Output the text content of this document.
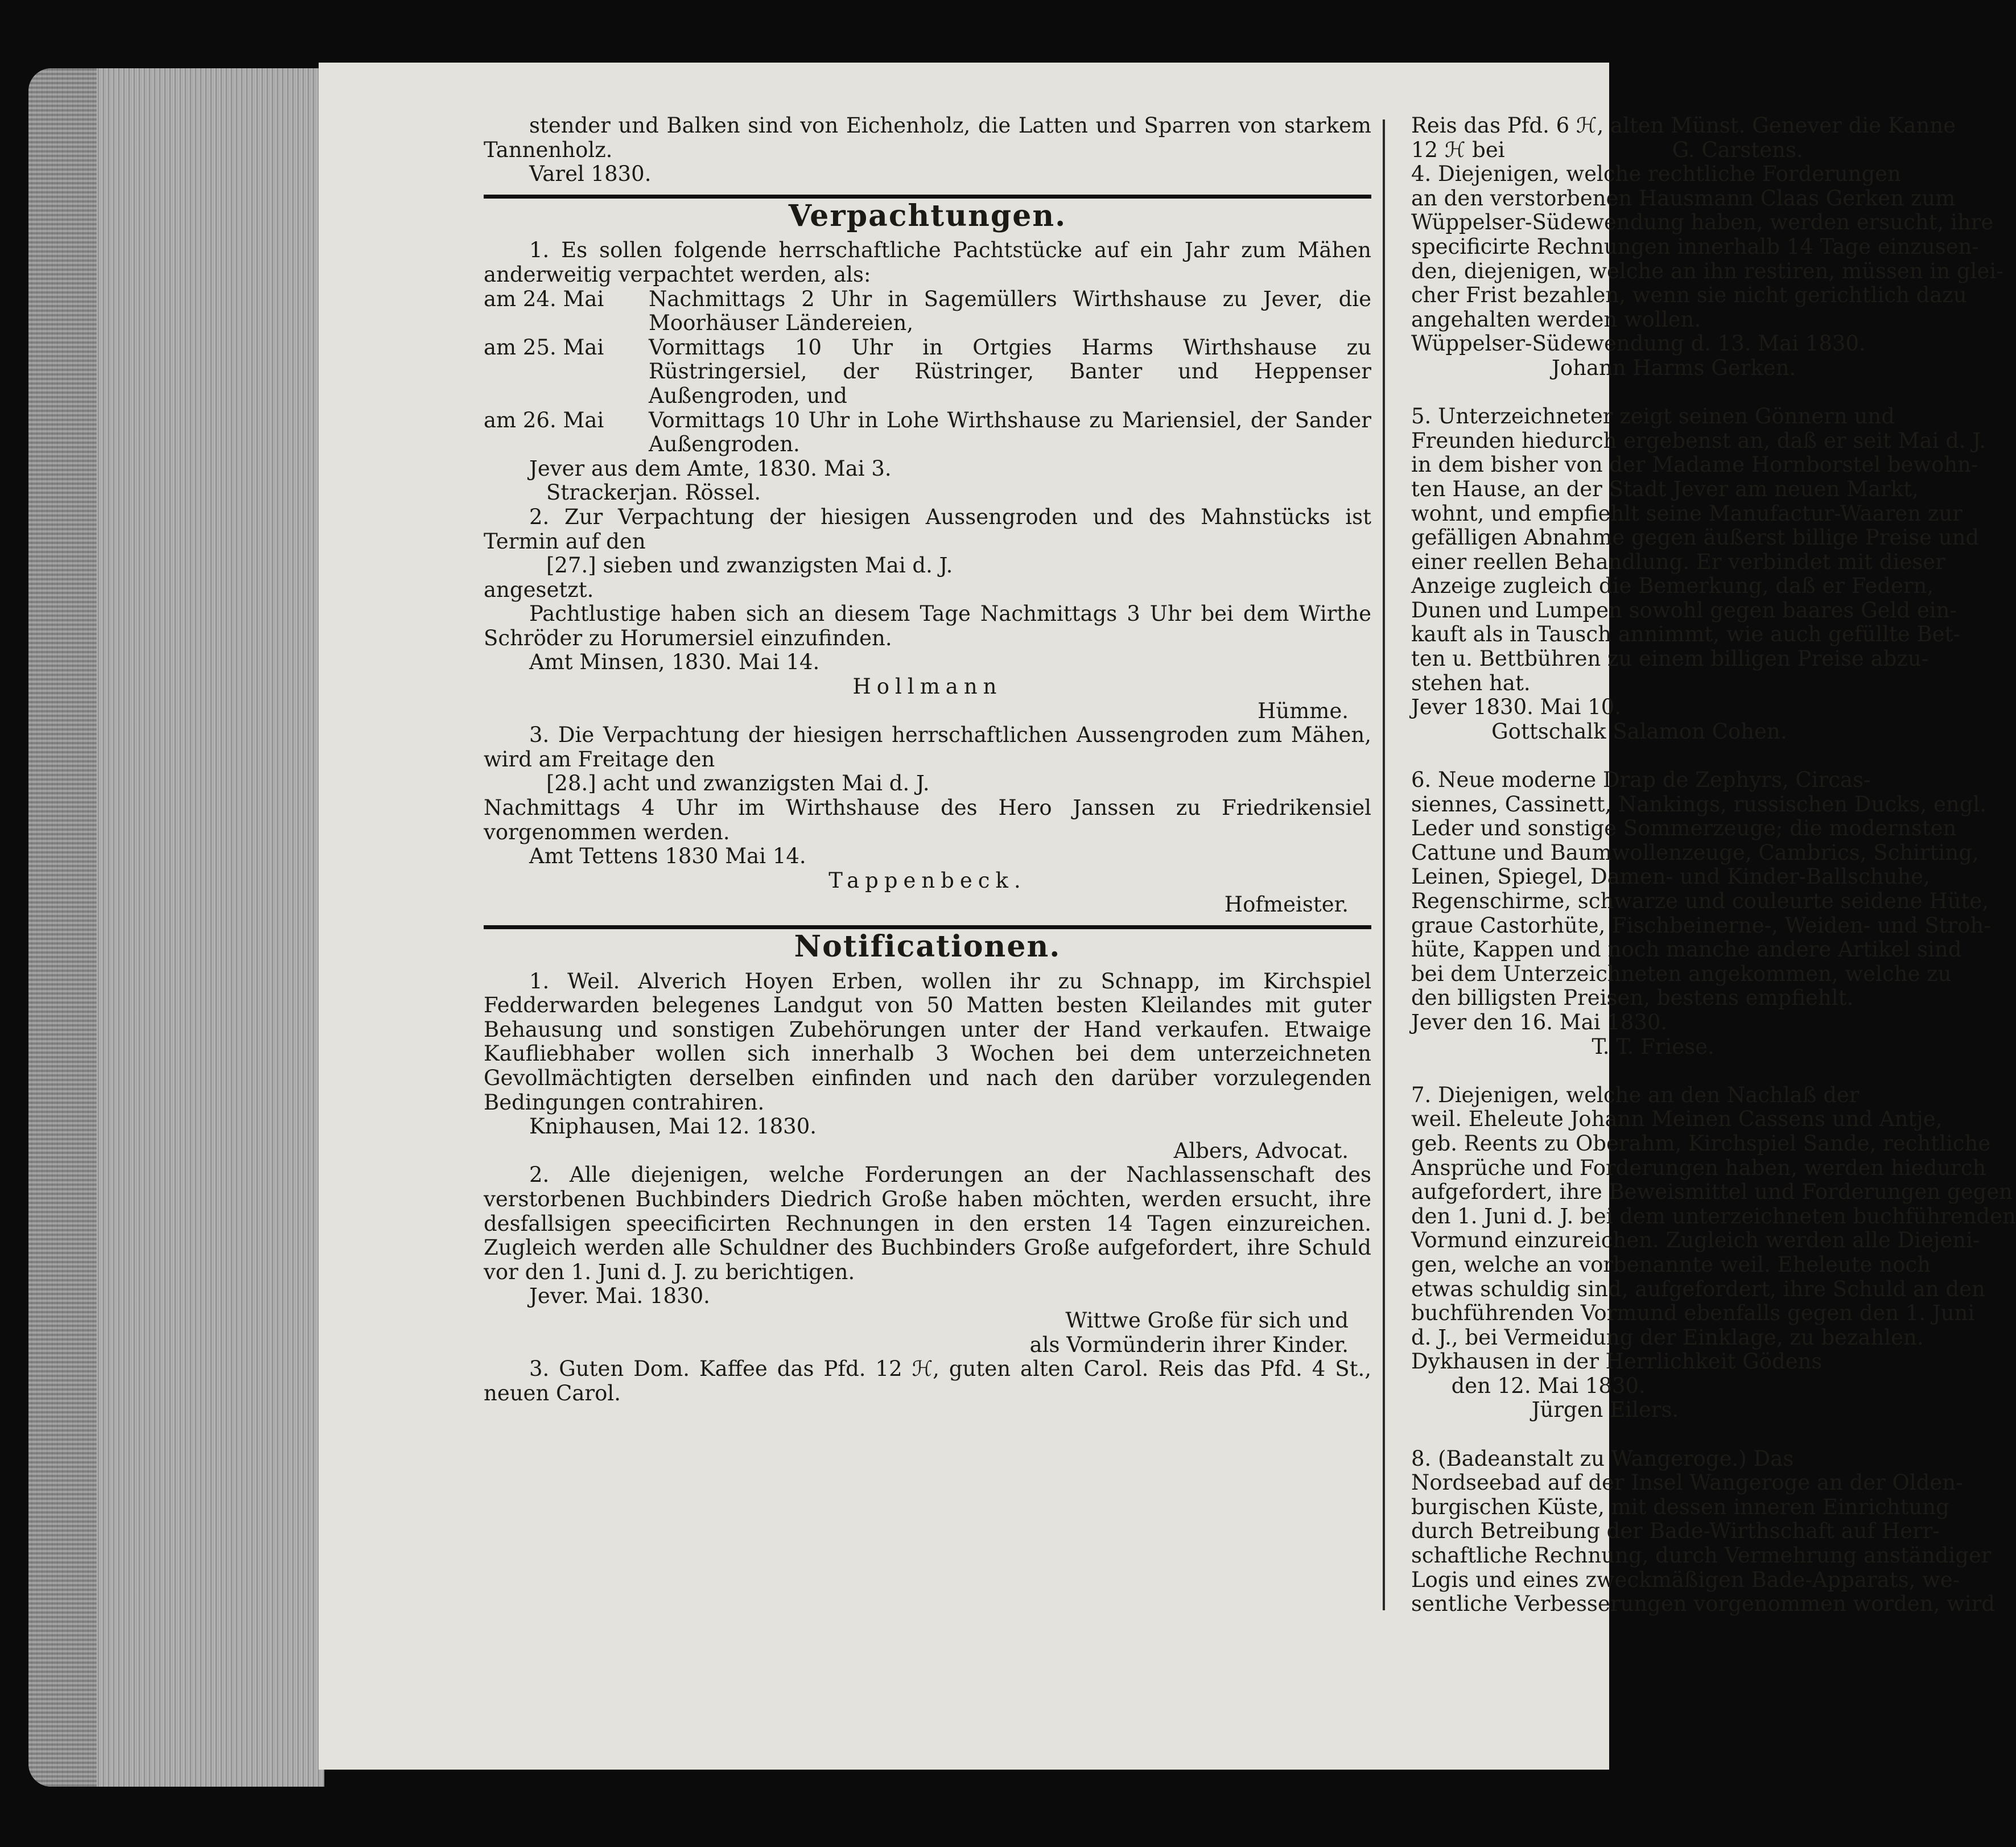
stender und Balken sind von Eichenholz, die Latten und Sparren von starkem Tannenholz.

Varel 1830.

Verpachtungen.

1. Es sollen folgende herrschaftliche Pachtstücke auf ein Jahr zum Mähen anderweitig verpachtet werden, als:

am 24. Mai	Nachmittags 2 Uhr in Sagemüllers Wirthshause zu Jever, die Moorhäuser Ländereien,
am 25. Mai	Vormittags 10 Uhr in Ortgies Harms Wirthshause zu Rüstringersiel, der Rüstringer, Banter und Heppenser Außengroden, und
am 26. Mai	Vormittags 10 Uhr in Lohe Wirthshause zu Mariensiel, der Sander Außengroden.

Jever aus dem Amte, 1830. Mai 3.

Strackerjan. Rössel.

2. Zur Verpachtung der hiesigen Aussengroden und des Mahnstücks ist Termin auf den

[27.] sieben und zwanzigsten Mai d. J.

angesetzt.

Pachtlustige haben sich an diesem Tage Nachmittags 3 Uhr bei dem Wirthe Schröder zu Horumersiel einzufinden.

Amt Minsen, 1830. Mai 14.

Hollmann

Hümme.

3. Die Verpachtung der hiesigen herrschaftlichen Aussengroden zum Mähen, wird am Freitage den

[28.] acht und zwanzigsten Mai d. J.

Nachmittags 4 Uhr im Wirthshause des Hero Janssen zu Friedrikensiel vorgenommen werden.

Amt Tettens 1830 Mai 14.

Tappenbeck.

Hofmeister.

Notificationen.

1. Weil. Alverich Hoyen Erben, wollen ihr zu Schnapp, im Kirchspiel Fedderwarden belegenes Landgut von 50 Matten besten Kleilandes mit guter Behausung und sonstigen Zubehörungen unter der Hand verkaufen. Etwaige Kaufliebhaber wollen sich innerhalb 3 Wochen bei dem unterzeichneten Gevollmächtigten derselben einfinden und nach den darüber vorzulegenden Bedingungen contrahiren.

Kniphausen, Mai 12. 1830.

Albers, Advocat.

2. Alle diejenigen, welche Forderungen an der Nachlassenschaft des verstorbenen Buchbinders Diedrich Große haben möchten, werden ersucht, ihre desfallsigen speecificirten Rechnungen in den ersten 14 Tagen einzureichen. Zugleich werden alle Schuldner des Buchbinders Große aufgefordert, ihre Schuld vor den 1. Juni d. J. zu berichtigen.

Jever. Mai. 1830.

Wittwe Große für sich und

als Vormünderin ihrer Kinder.

3. Guten Dom. Kaffee das Pfd. 12 ℋ, guten alten Carol. Reis das Pfd. 4 St., neuen Carol.

Reis das Pfd. 6 ℋ, alten Münst. Genever die Kanne
12 ℋ bei                         G. Carstens.
4. Diejenigen, welche rechtliche Forderungen
an den verstorbenen Hausmann Claas Gerken zum
Wüppelser-Südewendung haben, werden ersucht, ihre
specificirte Rechnungen innerhalb 14 Tage einzusen-
den, diejenigen, welche an ihn restiren, müssen in glei-
cher Frist bezahlen, wenn sie nicht gerichtlich dazu
angehalten werden wollen.
Wüppelser-Südewendung d. 13. Mai 1830.
Johann Harms Gerken.
5. Unterzeichneter zeigt seinen Gönnern und
Freunden hiedurch ergebenst an, daß er seit Mai d. J.
in dem bisher von der Madame Hornborstel bewohn-
ten Hause, an der Stadt Jever am neuen Markt,
wohnt, und empfiehlt seine Manufactur-Waaren zur
gefälligen Abnahme gegen äußerst billige Preise und
einer reellen Behandlung. Er verbindet mit dieser
Anzeige zugleich die Bemerkung, daß er Federn,
Dunen und Lumpen sowohl gegen baares Geld ein-
kauft als in Tausch annimmt, wie auch gefüllte Bet-
ten u. Bettbühren zu einem billigen Preise abzu-
stehen hat.
Jever 1830. Mai 10.
Gottschalk Salamon Cohen.
6. Neue moderne Drap de Zephyrs, Circas-
siennes, Cassinett, Nankings, russischen Ducks, engl.
Leder und sonstige Sommerzeuge; die modernsten
Cattune und Baumwollenzeuge, Cambrics, Schirting,
Leinen, Spiegel, Damen- und Kinder-Ballschuhe,
Regenschirme, schwarze und couleurte seidene Hüte,
graue Castorhüte, Fischbeinerne-, Weiden- und Stroh-
hüte, Kappen und noch manche andere Artikel sind
bei dem Unterzeichneten angekommen, welche zu
den billigsten Preisen, bestens empfiehlt.
Jever den 16. Mai 1830.
T. T. Friese.
7. Diejenigen, welche an den Nachlaß der
weil. Eheleute Johann Meinen Cassens und Antje,
geb. Reents zu Oberahm, Kirchspiel Sande, rechtliche
Ansprüche und Forderungen haben, werden hiedurch
aufgefordert, ihre Beweismittel und Forderungen gegen
den 1. Juni d. J. bei dem unterzeichneten buchführenden
Vormund einzureichen. Zugleich werden alle Diejeni-
gen, welche an vorbenannte weil. Eheleute noch
etwas schuldig sind, aufgefordert, ihre Schuld an den
buchführenden Vormund ebenfalls gegen den 1. Juni
d. J., bei Vermeidung der Einklage, zu bezahlen.
Dykhausen in der Herrlichkeit Gödens
den 12. Mai 1830.
Jürgen Eilers.
8. (Badeanstalt zu Wangeroge.) Das
Nordseebad auf der Insel Wangeroge an der Olden-
burgischen Küste, mit dessen inneren Einrichtung
durch Betreibung der Bade-Wirthschaft auf Herr-
schaftliche Rechnung, durch Vermehrung anständiger
Logis und eines zweckmäßigen Bade-Apparats, we-
sentliche Verbesserungen vorgenommen worden, wird
